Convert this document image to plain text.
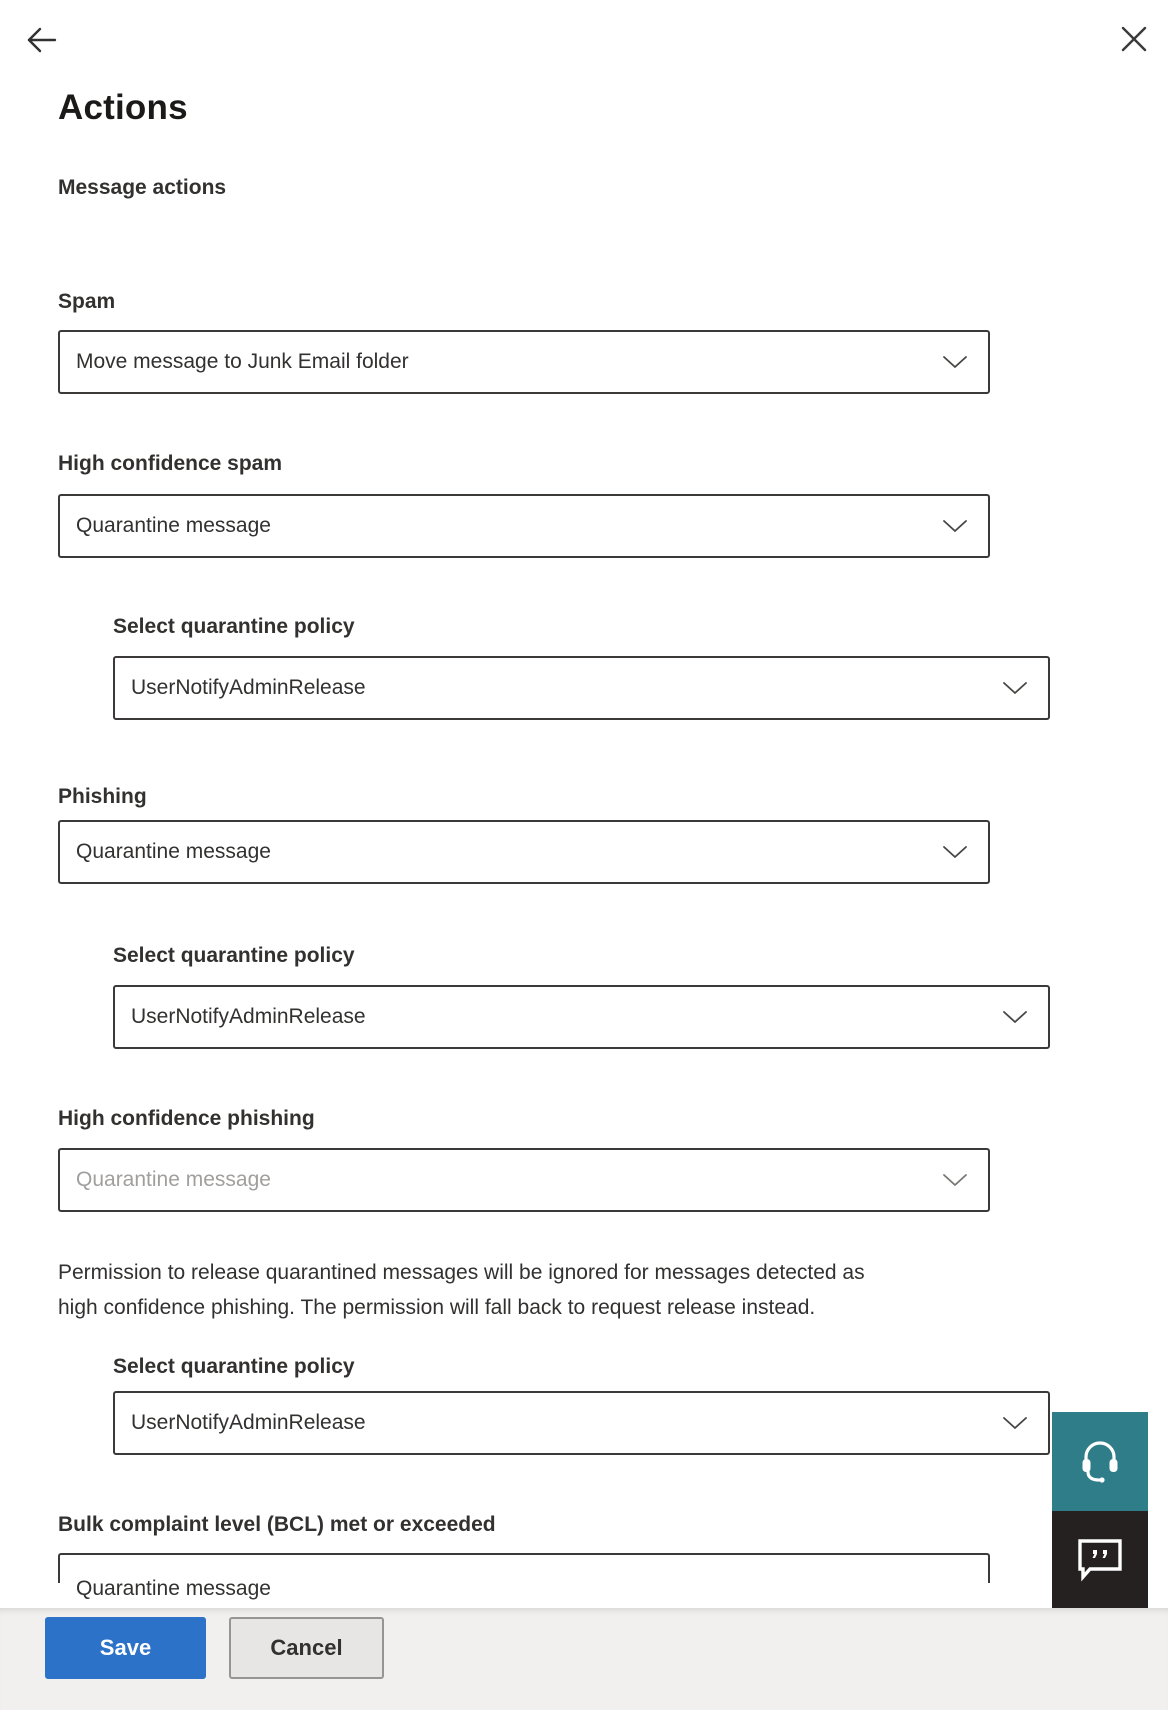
Actions
Message actions
Spam
Move message to Junk Email folder
High confidence spam
Quarantine message
Select quarantine policy
UserNotifyAdminRelease
Phishing
Quarantine message
Select quarantine policy
UserNotifyAdminRelease
High confidence phishing
Quarantine message
Permission to release quarantined messages will be ignored for messages detected as
high confidence phishing. The permission will fall back to request release instead.
Select quarantine policy
UserNotifyAdminRelease
Bulk complaint level (BCL) met or exceeded
Quarantine message
Save	Cancel
